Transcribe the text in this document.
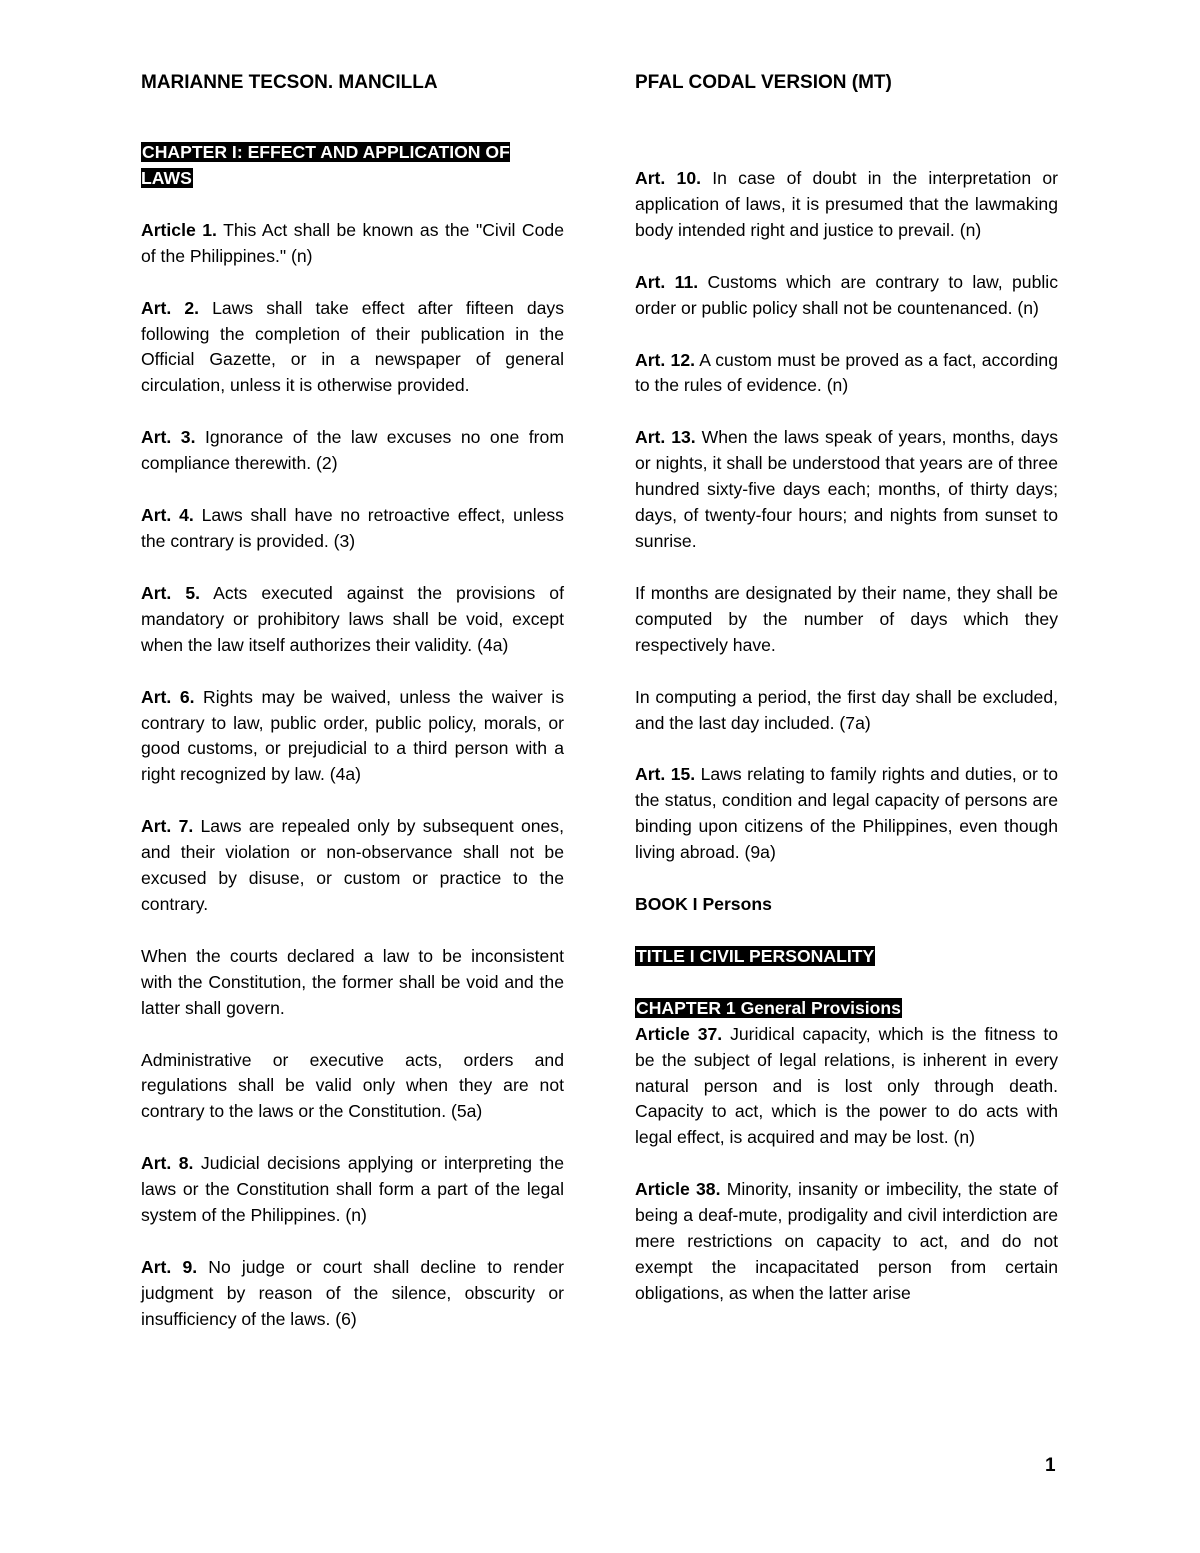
MARIANNE TECSON. MANCILLA	PFAL CODAL VERSION (MT)
CHAPTER I: EFFECT AND APPLICATION OF LAWS

Article 1. This Act shall be known as the "Civil Code of the Philippines." (n)

Art. 2. Laws shall take effect after fifteen days following the completion of their publication in the Official Gazette, or in a newspaper of general circulation, unless it is otherwise provided.

Art. 3. Ignorance of the law excuses no one from compliance therewith. (2)

Art. 4. Laws shall have no retroactive effect, unless the contrary is provided. (3)

Art. 5. Acts executed against the provisions of mandatory or prohibitory laws shall be void, except when the law itself authorizes their validity. (4a)

Art. 6. Rights may be waived, unless the waiver is contrary to law, public order, public policy, morals, or good customs, or prejudicial to a third person with a right recognized by law. (4a)

Art. 7. Laws are repealed only by subsequent ones, and their violation or non-observance shall not be excused by disuse, or custom or practice to the contrary.

When the courts declared a law to be inconsistent with the Constitution, the former shall be void and the latter shall govern.

Administrative or executive acts, orders and regulations shall be valid only when they are not contrary to the laws or the Constitution. (5a)

Art. 8. Judicial decisions applying or interpreting the laws or the Constitution shall form a part of the legal system of the Philippines. (n)

Art. 9. No judge or court shall decline to render judgment by reason of the silence, obscurity or insufficiency of the laws. (6)

Art. 10. In case of doubt in the interpretation or application of laws, it is presumed that the lawmaking body intended right and justice to prevail. (n)

Art. 11. Customs which are contrary to law, public order or public policy shall not be countenanced. (n)

Art. 12. A custom must be proved as a fact, according to the rules of evidence. (n)

Art. 13. When the laws speak of years, months, days or nights, it shall be understood that years are of three hundred sixty-five days each; months, of thirty days; days, of twenty-four hours; and nights from sunset to sunrise.

If months are designated by their name, they shall be computed by the number of days which they respectively have.

In computing a period, the first day shall be excluded, and the last day included. (7a)

Art. 15. Laws relating to family rights and duties, or to the status, condition and legal capacity of persons are binding upon citizens of the Philippines, even though living abroad. (9a)

BOOK I Persons
TITLE I CIVIL PERSONALITY
CHAPTER 1 General Provisions

Article 37. Juridical capacity, which is the fitness to be the subject of legal relations, is inherent in every natural person and is lost only through death. Capacity to act, which is the power to do acts with legal effect, is acquired and may be lost. (n)

Article 38. Minority, insanity or imbecility, the state of being a deaf-mute, prodigality and civil interdiction are mere restrictions on capacity to act, and do not exempt the incapacitated person from certain obligations, as when the latter arise

1
